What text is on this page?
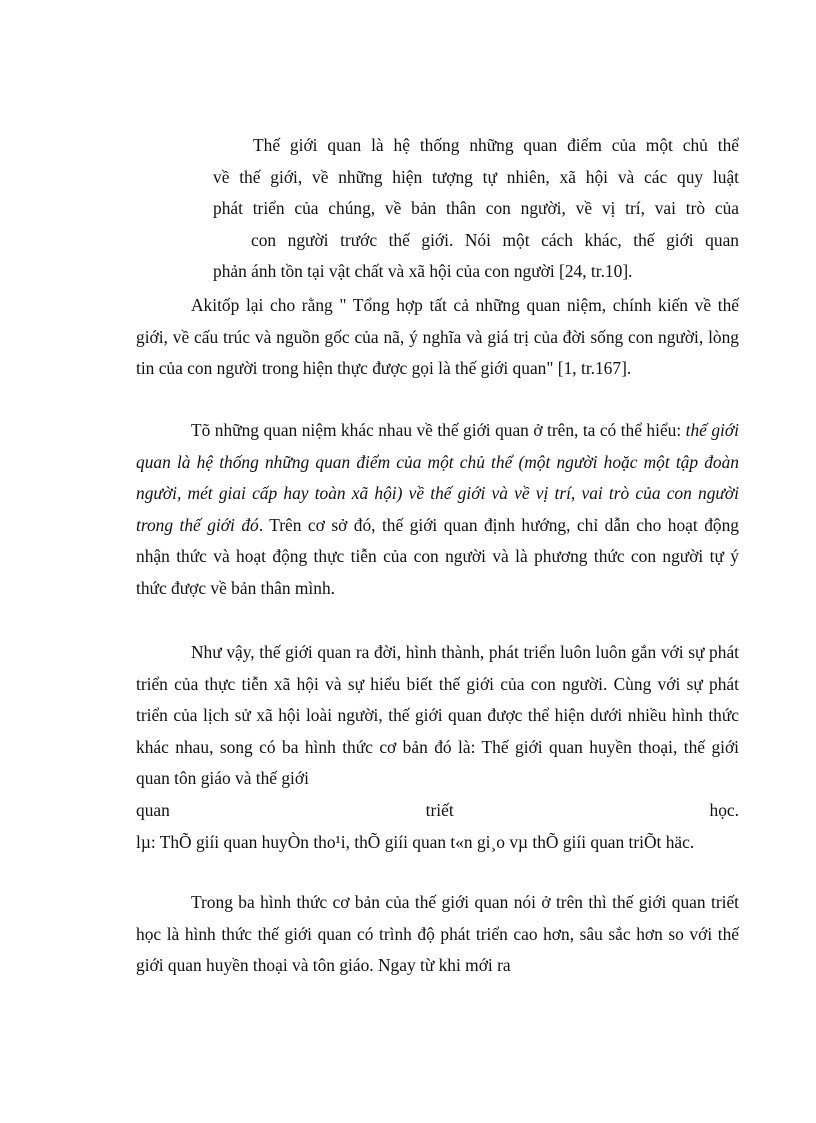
Thế giới quan là hệ thống những quan điểm của một chủ thể
về thế giới, về những hiện tượng tự nhiên, xã hội và các quy luật
phát triển của chúng, về bản thân con người, về vị trí, vai trò của
con người trước thế giới. Nói một cách khác, thế giới quan
phản ánh tồn tại vật chất và xã hội của con người [24, tr.10].

Akitốp lại cho rằng " Tổng hợp tất cả những quan niệm, chính kiến về thế giới, về cấu trúc và nguồn gốc của nã, ý nghĩa và giá trị của đời sống con người, lòng tin của con người trong hiện thực được gọi là thế giới quan" [1, tr.167].

Tõ những quan niệm khác nhau về thế giới quan ở trên, ta có thể hiểu: thế giới quan là hệ thống những quan điểm của một chủ thể (một người hoặc một tập đoàn người, mét giai cấp hay toàn xã hội) về thế giới và về vị trí, vai trò của con người trong thế giới đó. Trên cơ sở đó, thế giới quan định hướng, chỉ dẫn cho hoạt động nhận thức và hoạt động thực tiễn của con người và là phương thức con người tự ý thức được về bản thân mình.

Như vậy, thế giới quan ra đời, hình thành, phát triển luôn luôn gắn với sự phát triển của thực tiễn xã hội và sự hiểu biết thế giới của con người. Cùng với sự phát triển của lịch sử xã hội loài người, thế giới quan được thể hiện dưới nhiều hình thức khác nhau, song có ba hình thức cơ bản đó là: Thế giới quan huyền thoại, thế giới quan tôn giáo và thế giới

quan triết học.
lµ: ThÕ giíi quan huyÒn tho¹i, thÕ giíi quan t«n gi¸o vµ thÕ giíi quan triÕt häc.

Trong ba hình thức cơ bản của thế giới quan nói ở trên thì thế giới quan triết học là hình thức thế giới quan có trình độ phát triển cao hơn, sâu sắc hơn so với thế giới quan huyền thoại và tôn giáo. Ngay từ khi mới ra
